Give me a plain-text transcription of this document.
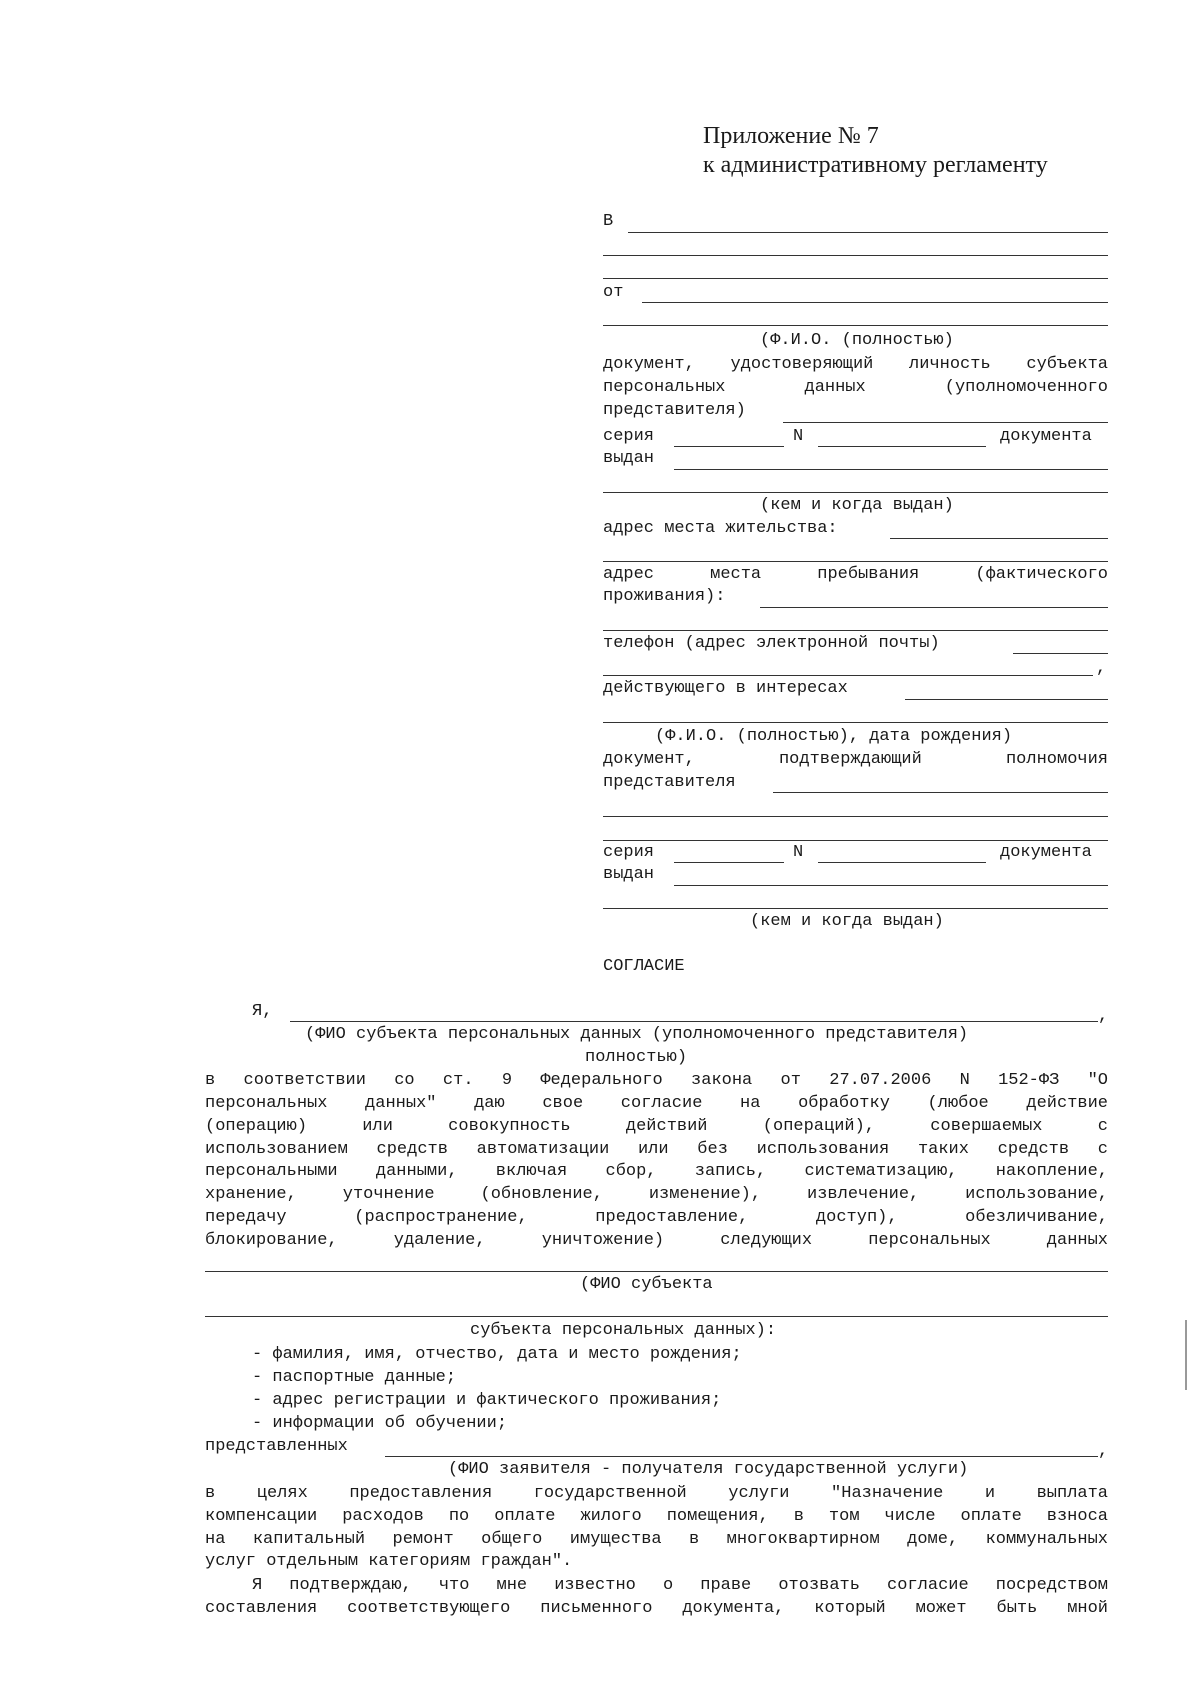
Приложение № 7
к административному регламенту
В
от
(Ф.И.О. (полностью)
документ, удостоверяющий личность субъекта
персональных данных (уполномоченного
представителя)
серия	N	документа
выдан
(кем и когда выдан)
адрес места жительства:
адрес места пребывания (фактического
проживания):
телефон (адрес электронной почты)
,
действующего в интересах
(Ф.И.О. (полностью), дата рождения)
документ, подтверждающий полномочия
представителя
серия	N	документа
выдан
(кем и когда выдан)
СОГЛАСИЕ
Я,	,
(ФИО субъекта персональных данных (уполномоченного представителя)
полностью)
в соответствии со ст. 9 Федерального закона от 27.07.2006 N 152-ФЗ "О
персональных данных" даю свое согласие на обработку (любое действие
(операцию) или совокупность действий (операций), совершаемых с
использованием средств автоматизации или без использования таких средств с
персональными данными, включая сбор, запись, систематизацию, накопление,
хранение, уточнение (обновление, изменение), извлечение, использование,
передачу (распространение, предоставление, доступ), обезличивание,
блокирование, удаление, уничтожение) следующих персональных данных
(ФИО субъекта
субъекта персональных данных):
- фамилия, имя, отчество, дата и место рождения;
- паспортные данные;
- адрес регистрации и фактического проживания;
- информации об обучении;
представленных	,
(ФИО заявителя - получателя государственной услуги)
в целях предоставления государственной услуги "Назначение и выплата
компенсации расходов по оплате жилого помещения, в том числе оплате взноса
на капитальный ремонт общего имущества в многоквартирном доме, коммунальных
услуг отдельным категориям граждан".
Я подтверждаю, что мне известно о праве отозвать согласие посредством
составления соответствующего письменного документа, который может быть мной
